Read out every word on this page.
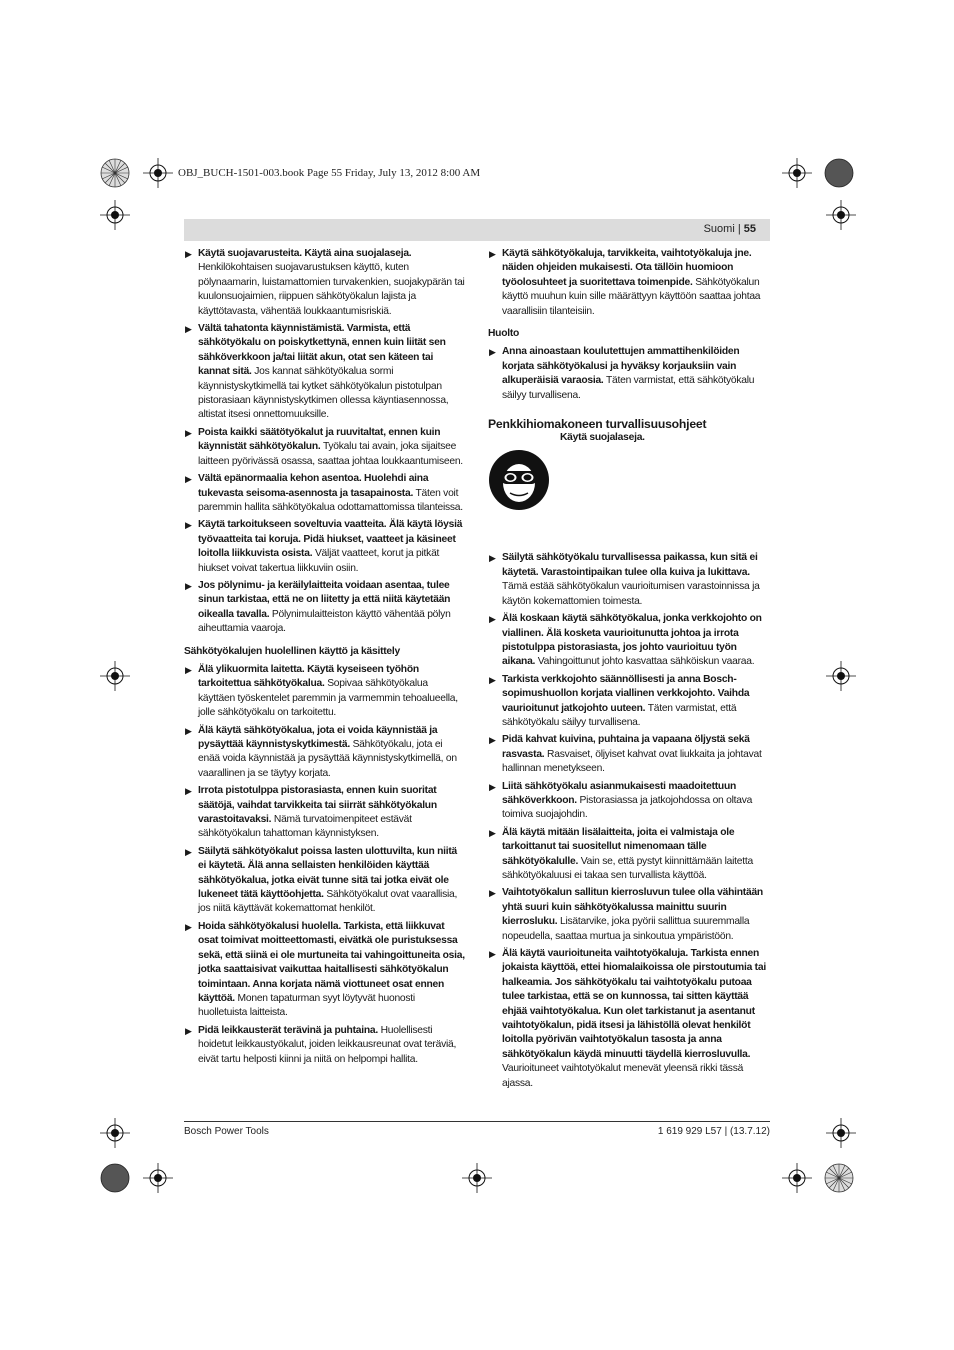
OBJ_BUCH-1501-003.book Page 55 Friday, July 13, 2012 8:00 AM
Suomi | 55
▶ Käytä suojavarusteita. Käytä aina suojalaseja. Henkilökohtaisen suojavarustuksen käyttö, kuten pölynaamarin, luistamattomien turvakenkien, suojakypärän tai kuulonsuojaimien, riippuen sähkötyökalun lajista ja käyttötavasta, vähentää loukkaantumisriskiä.
▶ Vältä tahatonta käynnistämistä. Varmista, että sähkötyökalu on poiskytkettynä, ennen kuin liität sen sähköverkkoon ja/tai liität akun, otat sen käteen tai kannat sitä. Jos kannat sähkötyökalua sormi käynnistyskytkimellä tai kytket sähkötyökalun pistotulpan pistorasiaan käynnistyskytkimen ollessa käyntiasennossa, altistat itsesi onnettomuuksille.
▶ Poista kaikki säätötyökalut ja ruuvitaltat, ennen kuin käynnistät sähkötyökalun. Työkalu tai avain, joka sijaitsee laitteen pyörivässä osassa, saattaa johtaa loukkaantumiseen.
▶ Vältä epänormaalia kehon asentoa. Huolehdi aina tukevasta seisoma-asennosta ja tasapainosta. Täten voit paremmin hallita sähkötyökalua odottamattomissa tilanteissa.
▶ Käytä tarkoitukseen soveltuvia vaatteita. Älä käytä löysiä työvaatteita tai koruja. Pidä hiukset, vaatteet ja käsineet loitolla liikkuvista osista. Väljät vaatteet, korut ja pitkät hiukset voivat takertua liikkuviin osiin.
▶ Jos pölynimu- ja keräilylaitteita voidaan asentaa, tulee sinun tarkistaa, että ne on liitetty ja että niitä käytetään oikealla tavalla. Pölynimulaitteiston käyttö vähentää pölyn aiheuttamia vaaroja.
Sähkötyökalujen huolellinen käyttö ja käsittely
▶ Älä ylikuormita laitetta. Käytä kyseiseen työhön tarkoitettua sähkötyökalua. Sopivaa sähkötyökalua käyttäen työskentelet paremmin ja varmemmin tehoalueella, jolle sähkötyökalu on tarkoitettu.
▶ Älä käytä sähkötyökalua, jota ei voida käynnistää ja pysäyttää käynnistyskytkimestä. Sähkötyökalu, jota ei enää voida käynnistää ja pysäyttää käynnistyskytkimellä, on vaarallinen ja se täytyy korjata.
▶ Irrota pistotulppa pistorasiasta, ennen kuin suoritat säätöjä, vaihdat tarvikkeita tai siirrät sähkötyökalun varastoitavaksi. Nämä turvatoimenpiteet estävät sähkötyökalun tahattoman käynnistyksen.
▶ Säilytä sähkötyökalut poissa lasten ulottuvilta, kun niitä ei käytetä. Älä anna sellaisten henkilöiden käyttää sähkötyökalua, jotka eivät tunne sitä tai jotka eivät ole lukeneet tätä käyttöohjetta. Sähkötyökalut ovat vaarallisia, jos niitä käyttävät kokemattomat henkilöt.
▶ Hoida sähkötyökalusi huolella. Tarkista, että liikkuvat osat toimivat moitteettomasti, eivätkä ole puristuksessa sekä, että siinä ei ole murtuneita tai vahingoittuneita osia, jotka saattaisivat vaikuttaa haitallisesti sähkötyökalun toimintaan. Anna korjata nämä viottuneet osat ennen käyttöä. Monen tapaturman syyt löytyvät huonosti huolletuista laitteista.
▶ Pidä leikkausterät terävinä ja puhtaina. Huolellisesti hoidetut leikkaustyökalut, joiden leikkausreunat ovat teräviä, eivät tartu helposti kiinni ja niitä on helpompi hallita.
▶ Käytä sähkötyökaluja, tarvikkeita, vaihtotyökaluja jne. näiden ohjeiden mukaisesti. Ota tällöin huomioon työolosuhteet ja suoritettava toimenpide. Sähkötyökalun käyttö muuhun kuin sille määrättyyn käyttöön saattaa johtaa vaarallisiin tilanteisiin.
Huolto
▶ Anna ainoastaan koulutettujen ammattihenkilöiden korjata sähkötyökalusi ja hyväksy korjauksiin vain alkuperäisiä varaosia. Täten varmistat, että sähkötyökalu säilyy turvallisena.
Penkkihiomakoneen turvallisuusohjeet
Käytä suojalaseja.
▶ Säilytä sähkötyökalu turvallisessa paikassa, kun sitä ei käytetä. Varastointipaikan tulee olla kuiva ja lukittava. Tämä estää sähkötyökalun vaurioitumisen varastoinnissa ja käytön kokemattomien toimesta.
▶ Älä koskaan käytä sähkötyökalua, jonka verkkojohto on viallinen. Älä kosketa vaurioitunutta johtoa ja irrota pistotulppa pistorasiasta, jos johto vaurioituu työn aikana. Vahingoittunut johto kasvattaa sähköiskun vaaraa.
▶ Tarkista verkkojohto säännöllisesti ja anna Bosch-sopimushuollon korjata viallinen verkkojohto. Vaihda vaurioitunut jatkojohto uuteen. Täten varmistat, että sähkötyökalu säilyy turvallisena.
▶ Pidä kahvat kuivina, puhtaina ja vapaana öljystä sekä rasvasta. Rasvaiset, öljyiset kahvat ovat liukkaita ja johtavat hallinnan menetykseen.
▶ Liitä sähkötyökalu asianmukaisesti maadoitettuun sähköverkkoon. Pistorasiassa ja jatkojohdossa on oltava toimiva suojajohdin.
▶ Älä käytä mitään lisälaitteita, joita ei valmistaja ole tarkoittanut tai suositellut nimenomaan tälle sähkötyökalulle. Vain se, että pystyt kiinnittämään laitetta sähkötyökaluusi ei takaa sen turvallista käyttöä.
▶ Vaihtotyökalun sallitun kierrosluvun tulee olla vähintään yhtä suuri kuin sähkötyökalussa mainittu suurin kierrosluku. Lisätarvike, joka pyörii sallittua suuremmalla nopeudella, saattaa murtua ja sinkoutua ympäristöön.
▶ Älä käytä vaurioituneita vaihtotyökaluja. Tarkista ennen jokaista käyttöä, ettei hiomalaikoissa ole pirstoutumia tai halkeamia. Jos sähkötyökalu tai vaihtotyökalu putoaa tulee tarkistaa, että se on kunnossa, tai sitten käyttää ehjää vaihtotyökalua. Kun olet tarkistanut ja asentanut vaihtotyökalun, pidä itsesi ja lähistöllä olevat henkilöt loitolla pyörivän vaihtotyökalun tasosta ja anna sähkötyökalun käydä minuutti täydellä kierrosluvulla. Vaurioituneet vaihtotyökalut menevät yleensä rikki tässä ajassa.
Bosch Power Tools	1 619 929 L57 | (13.7.12)
